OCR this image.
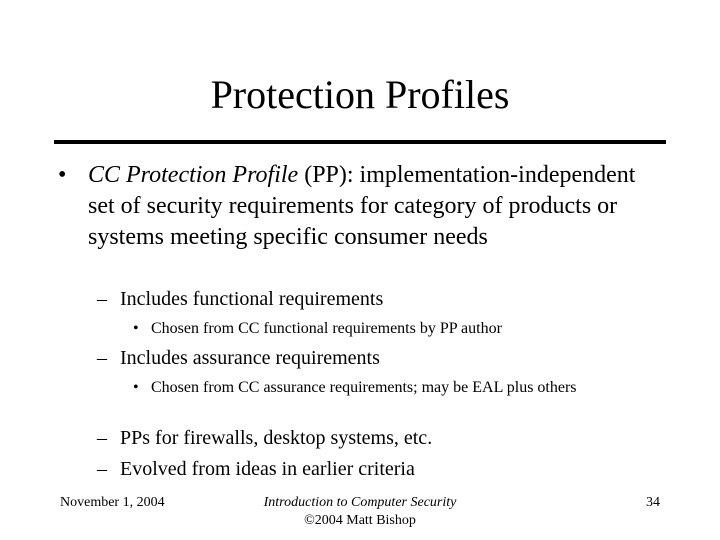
Protection Profiles
• CC Protection Profile (PP): implementation-independent set of security requirements for category of products or systems meeting specific consumer needs
– Includes functional requirements
• Chosen from CC functional requirements by PP author
– Includes assurance requirements
• Chosen from CC assurance requirements; may be EAL plus others
– PPs for firewalls, desktop systems, etc.
– Evolved from ideas in earlier criteria
November 1, 2004	Introduction to Computer Security
©2004 Matt Bishop
34
